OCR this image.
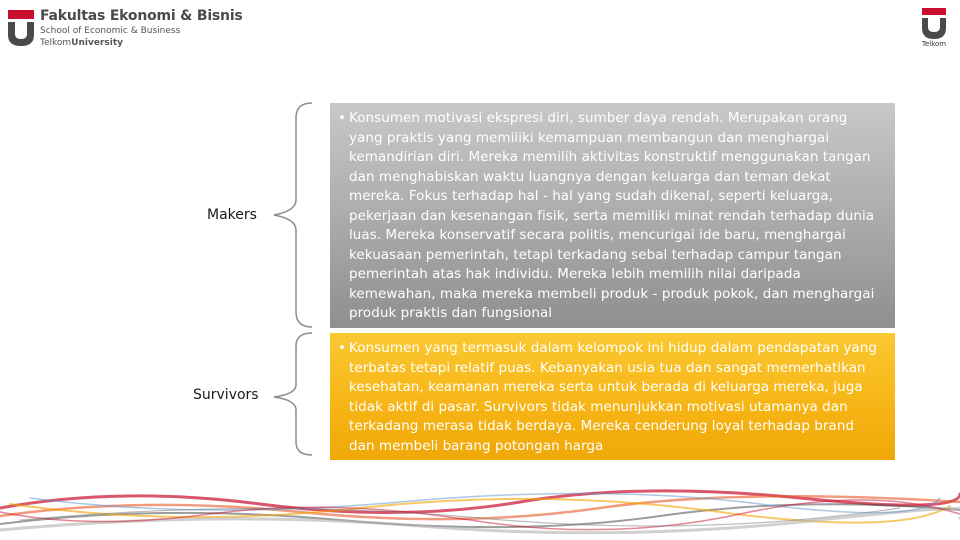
Fakultas Ekonomi & Bisnis
School of Economic & Business
TelkomUniversity	Telkom
Makers
Survivors
• Konsumen motivasi ekspresi diri, sumber daya rendah. Merupakan orang yang praktis yang memiliki kemampuan membangun dan menghargai kemandirian diri. Mereka memilih aktivitas konstruktif menggunakan tangan dan menghabiskan waktu luangnya dengan keluarga dan teman dekat mereka. Fokus terhadap hal - hal yang sudah dikenal, seperti keluarga, pekerjaan dan kesenangan fisik, serta memiliki minat rendah terhadap dunia luas. Mereka konservatif secara politis, mencurigai ide baru, menghargai kekuasaan pemerintah, tetapi terkadang sebal terhadap campur tangan pemerintah atas hak individu. Mereka lebih memilih nilai daripada kemewahan, maka mereka membeli produk - produk pokok, dan menghargai produk praktis dan fungsional
• Konsumen yang termasuk dalam kelompok ini hidup dalam pendapatan yang terbatas tetapi relatif puas. Kebanyakan usia tua dan sangat memerhatikan kesehatan, keamanan mereka serta untuk berada di keluarga mereka, juga tidak aktif di pasar. Survivors tidak menunjukkan motivasi utamanya dan terkadang merasa tidak berdaya. Mereka cenderung loyal terhadap brand dan membeli barang potongan harga
